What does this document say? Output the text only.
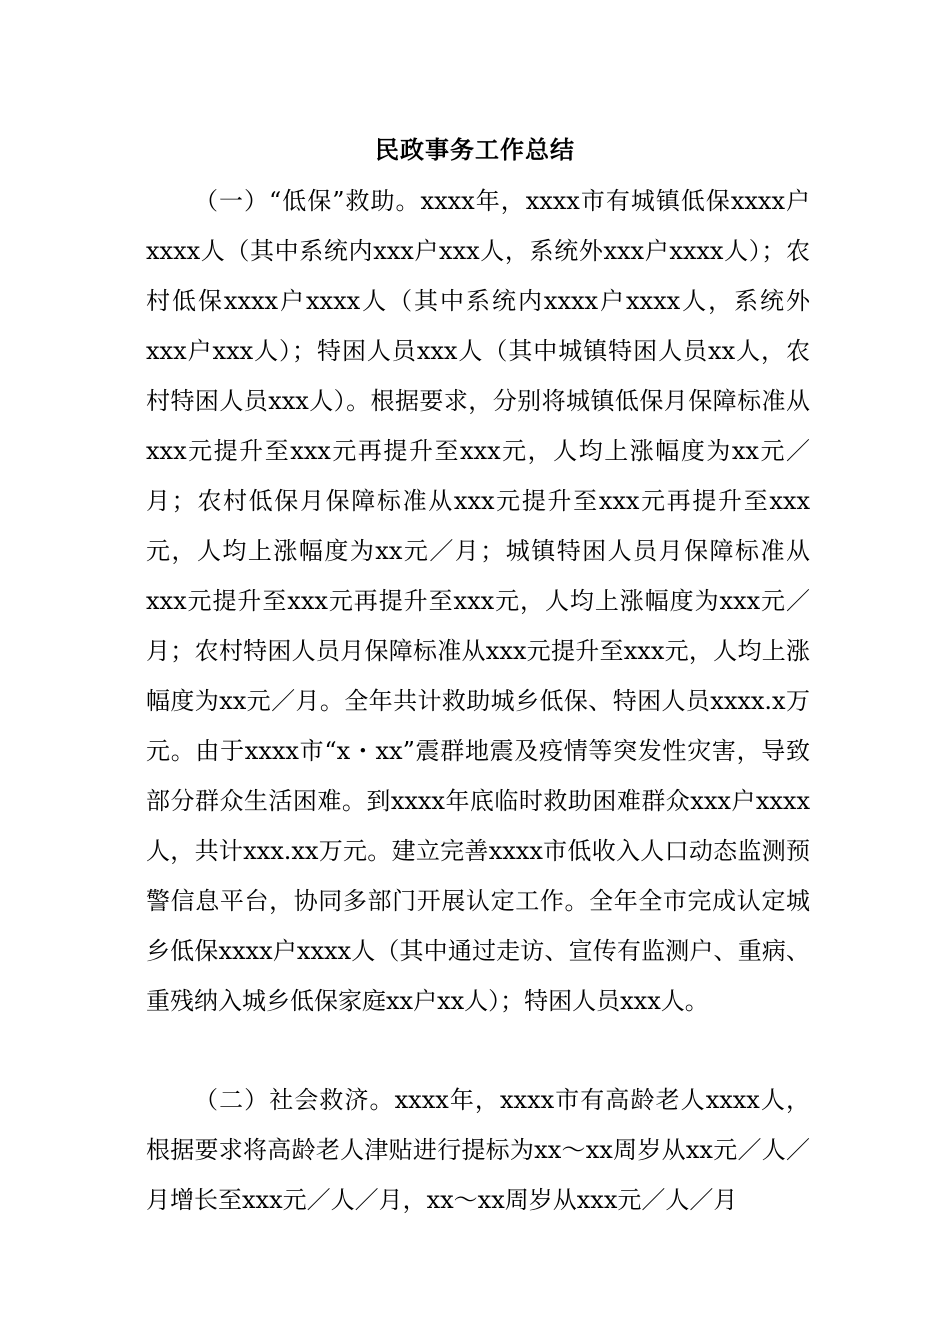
民政事务工作总结

（一）“低保”救助。xxxx年，xxxx市有城镇低保xxxx户xxxx人（其中系统内xxx户xxx人，系统外xxx户xxxx人）；农村低保xxxx户xxxx人（其中系统内xxxx户xxxx人，系统外xxx户xxx人）；特困人员xxx人（其中城镇特困人员xx人，农村特困人员xxx人）。根据要求，分别将城镇低保月保障标准从xxx元提升至xxx元再提升至xxx元，人均上涨幅度为xx元／月；农村低保月保障标准从xxx元提升至xxx元再提升至xxx元，人均上涨幅度为xx元／月；城镇特困人员月保障标准从xxx元提升至xxx元再提升至xxx元，人均上涨幅度为xxx元／月；农村特困人员月保障标准从xxx元提升至xxx元，人均上涨幅度为xx元／月。全年共计救助城乡低保、特困人员xxxx.x万元。由于xxxx市“x・xx”震群地震及疫情等突发性灾害，导致部分群众生活困难。到xxxx年底临时救助困难群众xxx户xxxx人，共计xxx.xx万元。建立完善xxxx市低收入人口动态监测预警信息平台，协同多部门开展认定工作。全年全市完成认定城乡低保xxxx户xxxx人（其中通过走访、宣传有监测户、重病、重残纳入城乡低保家庭xx户xx人）；特困人员xxx人。

（二）社会救济。xxxx年，xxxx市有高龄老人xxxx人，根据要求将高龄老人津贴进行提标为xx～xx周岁从xx元／人／月增长至xxx元／人／月，xx～xx周岁从xxx元／人／月
